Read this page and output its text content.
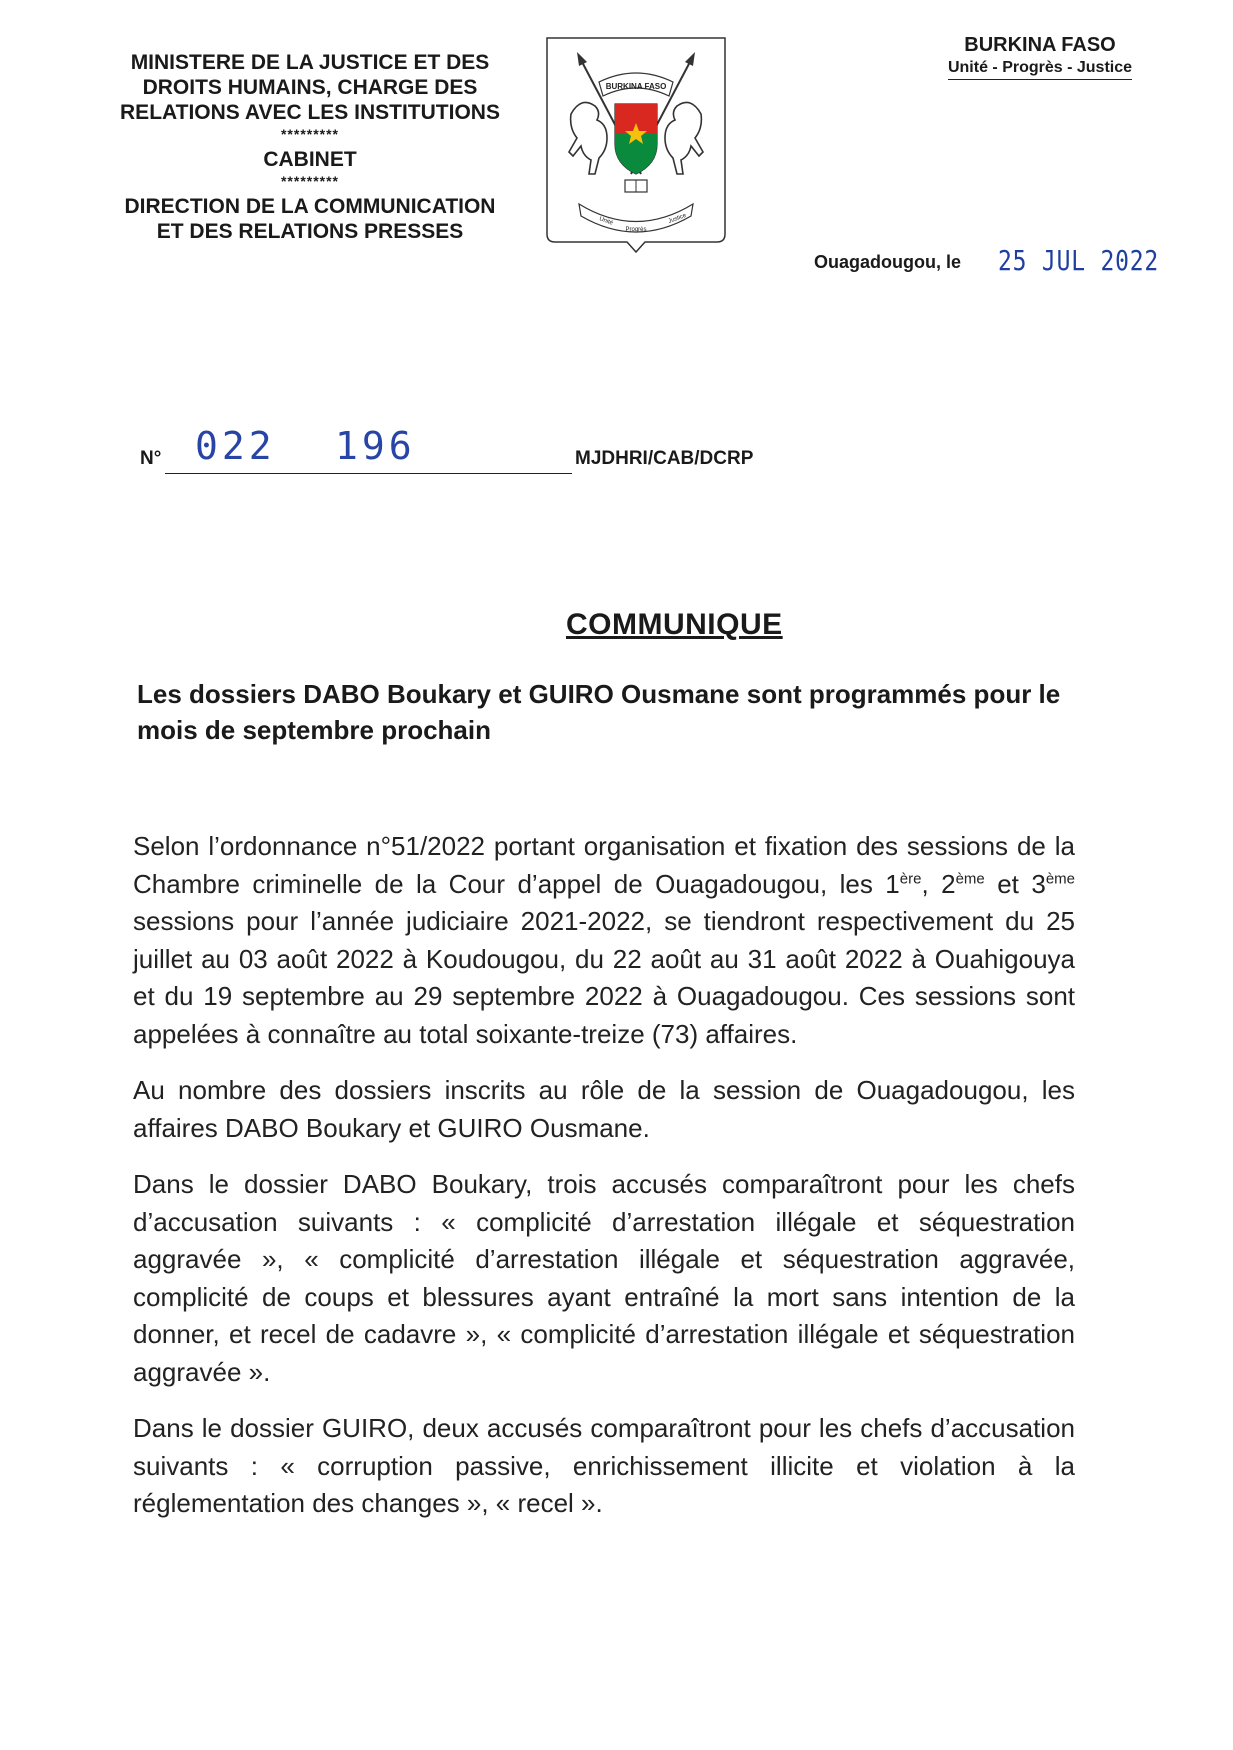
MINISTERE DE LA JUSTICE ET DES
DROITS HUMAINS, CHARGE DES
RELATIONS AVEC LES INSTITUTIONS
*********
CABINET
*********
DIRECTION DE LA COMMUNICATION
ET DES RELATIONS PRESSES
BURKINA FASO
Unité
Progrès
Justice
BURKINA FASO
Unité - Progrès - Justice
Ouagadougou, le 25 JUL 2022
N° 022 196	MJDHRI/CAB/DCRP
COMMUNIQUE
Les dossiers DABO Boukary et GUIRO Ousmane sont programmés pour le mois de septembre prochain

Selon l’ordonnance n°51/2022 portant organisation et fixation des sessions de la Chambre criminelle de la Cour d’appel de Ouagadougou, les 1ère, 2ème et 3ème sessions pour l’année judiciaire 2021-2022, se tiendront respectivement du 25 juillet au 03 août 2022 à Koudougou, du 22 août au 31 août 2022 à Ouahigouya et du 19 septembre au 29 septembre 2022 à Ouagadougou. Ces sessions sont appelées à connaître au total soixante-treize (73) affaires.

Au nombre des dossiers inscrits au rôle de la session de Ouagadougou, les affaires DABO Boukary et GUIRO Ousmane.

Dans le dossier DABO Boukary, trois accusés comparaîtront pour les chefs d’accusation suivants : « complicité d’arrestation illégale et séquestration aggravée », « complicité d’arrestation illégale et séquestration aggravée, complicité de coups et blessures ayant entraîné la mort sans intention de la donner, et recel de cadavre », « complicité d’arrestation illégale et séquestration aggravée ».

Dans le dossier GUIRO, deux accusés comparaîtront pour les chefs d’accusation suivants : « corruption passive, enrichissement illicite et violation à la réglementation des changes », « recel ».
